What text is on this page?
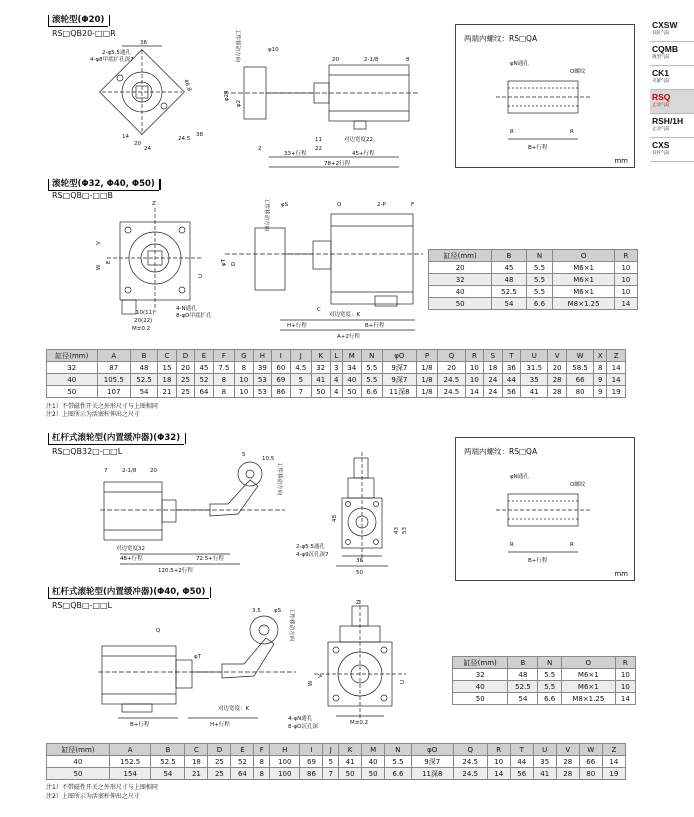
CXSW
双缸气缸
CQMB
薄型气缸
CK1
夹紧气缸
RSQ
止动气缸
RSH/1H
止动气缸
CXS
双杆气缸
滚轮型(Φ20)
RS□QB20-□□R
36
2-φ5.5通孔
4-φ8甲底扩孔深7
46.8
24.5
38
20
24
14
φ10
工件移动方向
φ24
φ2
20	2-1/8	8
11
22
对边宽度22
2
33+行程	45+行程
78+2行程
两端内螺纹：RS□QA
φN通孔
O螺纹
R	R
B+行程
mm
滚轮型(Φ32, Φ40, Φ50)
RS□QB□-□□B
Z
V
W
E
U
4-N通孔
8-φO甲底扩孔
10(11)
20(22)
M±0.2
D
φS
工件移动方向
φT
Q	2-P	F
C
对边宽度：K
H+行程	B+行程
A+2行程
缸径(mm)	B	N	O	R
20	45	5.5	M6×1	10
32	48	5.5	M6×1	10
40	52.5	5.5	M6×1	10
50	54	6.6	M8×1.25	14
缸径(mm)	A	B	C	D	E	F	G	H	I	J	K	L	M	N	φO	P	Q	R	S	T	U	V	W	X	Z
32	87	48	15	20	45	7.5	8	39	60	4.5	32	3	34	5.5	9深7	1/8	20	10	18	36	31.5	20	58.5	8	14
40	105.5	52.5	18	25	52	8	10	53	69	5	41	4	40	5.5	9深7	1/8	24.5	10	24	44	35	28	66	9	14
50	107	54	21	25	64	8	10	53	86	7	50	4	50	6.6	11深8	1/8	24.5	14	24	56	41	28	80	9	19
注1）不带磁性开关之外形尺寸与上图相同
注2）上图所示为活塞杆伸出之尺寸
杠杆式滚轮型(内置缓冲器)(Φ32)
RS□QB32□-□□L
7	2-1/8 20
对边宽度32
48+行程	72.5+行程
120.5+2行程
10.5
5
工件移动方向
43 53
2-φ5.5通孔
4-φ9沉孔深7
48
36
50
两端内螺纹：RS□QA
φN通孔
O螺纹
R	R
B+行程
mm
杠杆式滚轮型(内置缓冲器)(Φ40, Φ50)
RS□QB□-□□L
3.5 φS
Q
φT
工件移动方向
对边宽度：K
B+行程	H+行程
Z
V
W	U
4-φN通孔
8-φO沉孔深
M±0.2
缸径(mm)	B	N	O	R
32	48	5.5	M6×1	10
40	52.5	5.5	M6×1	10
50	54	6.6	M8×1.25	14
缸径(mm)	A	B	C	D	E	F	H	I	J	K	M	N	φO	Q	R	T	U	V	W	Z
40	152.5	52.5	18	25	52	8	100	69	5	41	40	5.5	9深7	24.5	10	44	35	28	66	14
50	154	54	21	25	64	8	100	86	7	50	50	6.6	11深8	24.5	14	56	41	28	80	19
注1）不带磁性开关之外形尺寸与上图相同
注2）上图所示为活塞杆伸出之尺寸
